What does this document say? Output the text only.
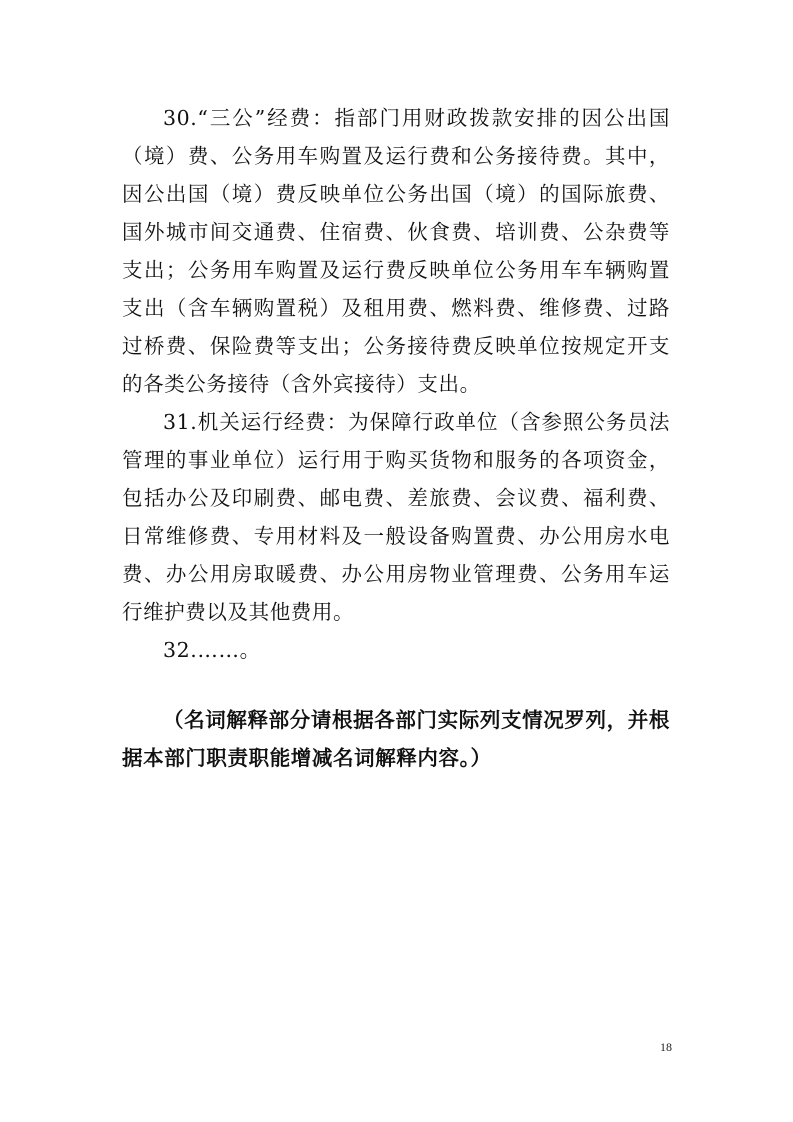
30.“三公”经费：指部门用财政拨款安排的因公出国（境）费、公务用车购置及运行费和公务接待费。其中，因公出国（境）费反映单位公务出国（境）的国际旅费、国外城市间交通费、住宿费、伙食费、培训费、公杂费等支出；公务用车购置及运行费反映单位公务用车车辆购置支出（含车辆购置税）及租用费、燃料费、维修费、过路过桥费、保险费等支出；公务接待费反映单位按规定开支的各类公务接待（含外宾接待）支出。

31.机关运行经费：为保障行政单位（含参照公务员法管理的事业单位）运行用于购买货物和服务的各项资金，包括办公及印刷费、邮电费、差旅费、会议费、福利费、日常维修费、专用材料及一般设备购置费、办公用房水电费、办公用房取暖费、办公用房物业管理费、公务用车运行维护费以及其他费用。

32.……。

（名词解释部分请根据各部门实际列支情况罗列，并根据本部门职责职能增减名词解释内容。）

18
